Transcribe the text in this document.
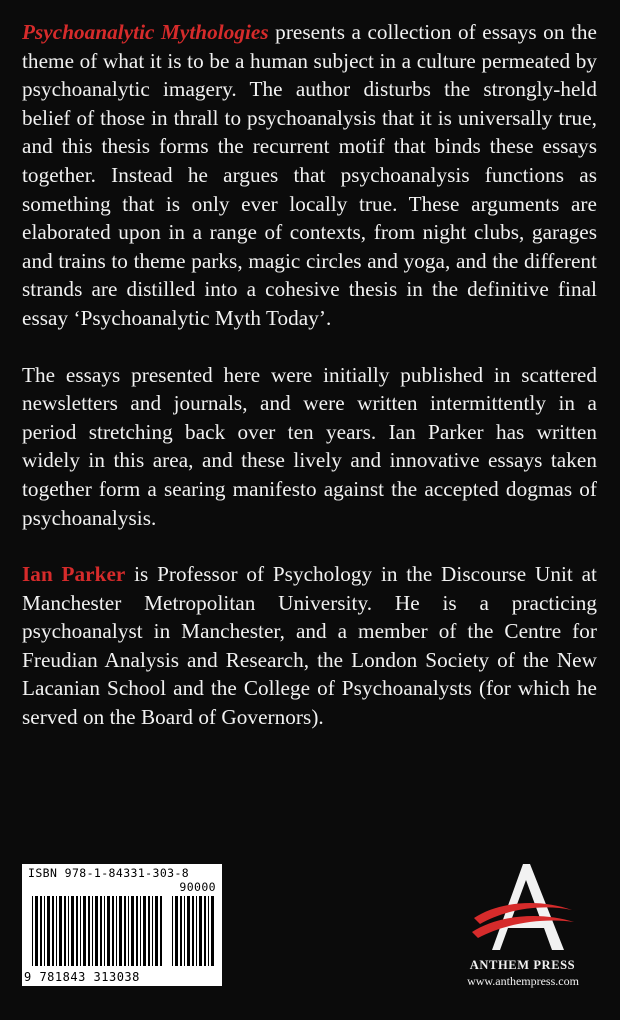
Psychoanalytic Mythologies presents a collection of essays on the theme of what it is to be a human subject in a culture permeated by psychoanalytic imagery. The author disturbs the strongly-held belief of those in thrall to psychoanalysis that it is universally true, and this thesis forms the recurrent motif that binds these essays together. Instead he argues that psychoanalysis functions as something that is only ever locally true. These arguments are elaborated upon in a range of contexts, from night clubs, garages and trains to theme parks, magic circles and yoga, and the different strands are distilled into a cohesive thesis in the definitive final essay ‘Psychoanalytic Myth Today’.

The essays presented here were initially published in scattered newsletters and journals, and were written intermittently in a period stretching back over ten years. Ian Parker has written widely in this area, and these lively and innovative essays taken together form a searing manifesto against the accepted dogmas of psychoanalysis.

Ian Parker is Professor of Psychology in the Discourse Unit at Manchester Metropolitan University. He is a practicing psychoanalyst in Manchester, and a member of the Centre for Freudian Analysis and Research, the London Society of the New Lacanian School and the College of Psychoanalysts (for which he served on the Board of Governors).

ISBN 978-1-84331-303-8
90000
9 781843 313038
ANTHEM PRESS
www.anthempress.com
